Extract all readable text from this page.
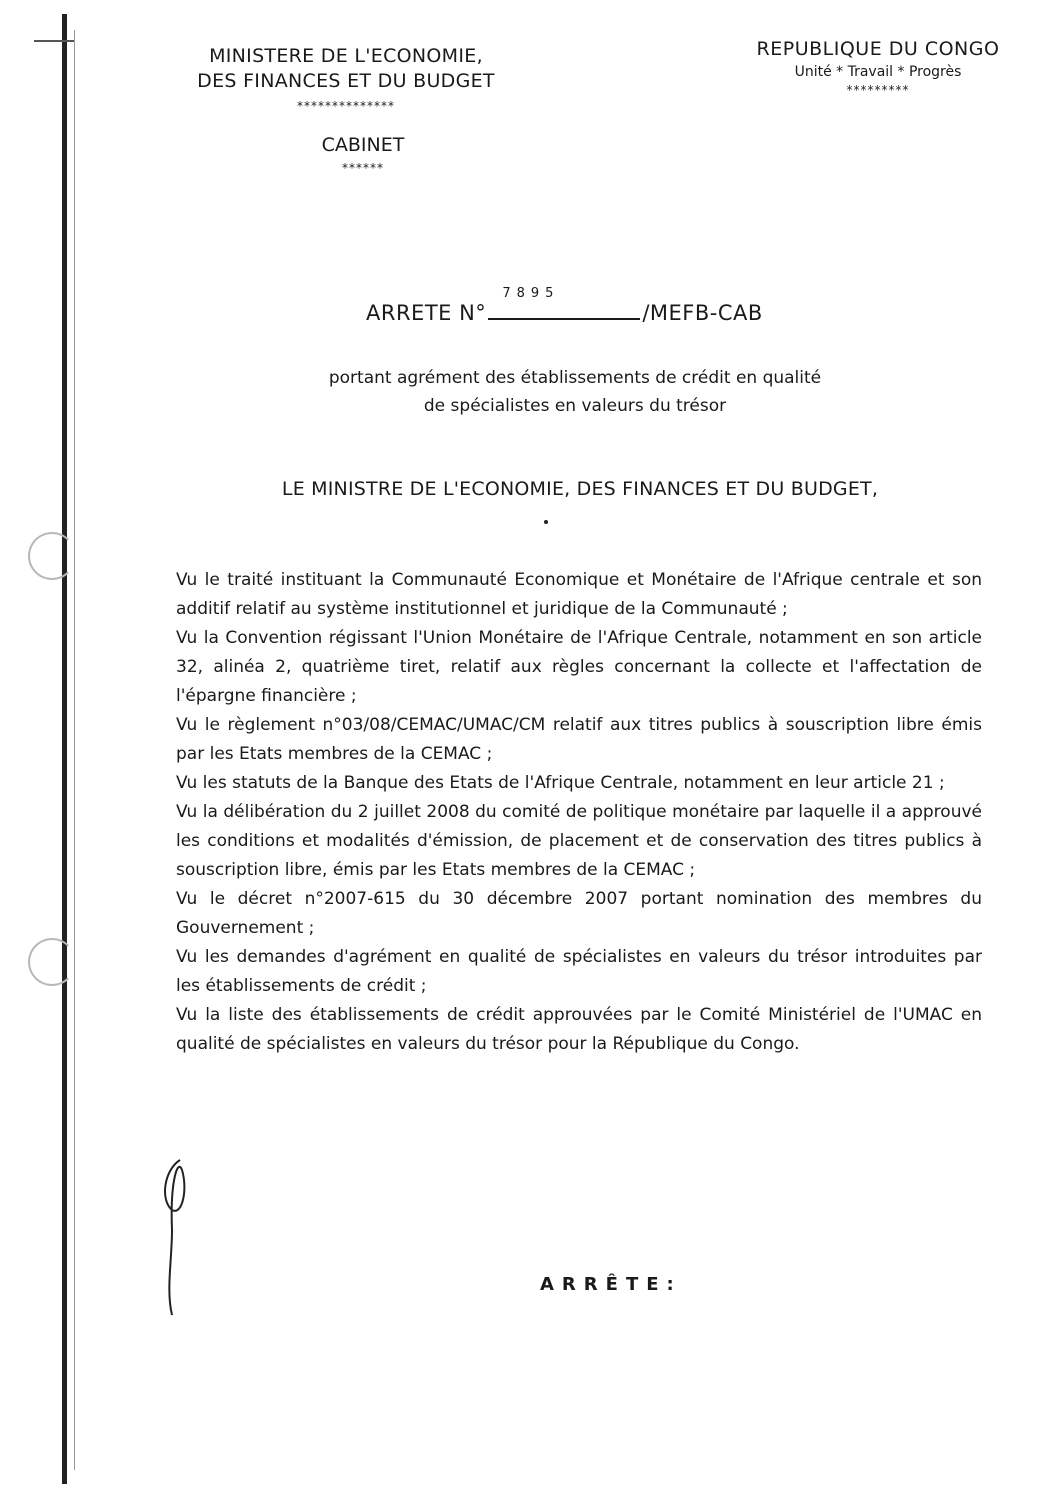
MINISTERE DE L'ECONOMIE,
DES FINANCES ET DU BUDGET
**************
CABINET
******
REPUBLIQUE DU CONGO
Unité * Travail * Progrès
*********
ARRETE N°
7895
/MEFB-CAB
portant agrément des établissements de crédit en qualité
de spécialistes en valeurs du trésor
LE MINISTRE DE L'ECONOMIE, DES FINANCES ET DU BUDGET,

Vu le traité instituant la Communauté Economique et Monétaire de l'Afrique centrale et son additif relatif au système institutionnel et juridique de la Communauté ;

Vu la Convention régissant l'Union Monétaire de l'Afrique Centrale, notamment en son article 32, alinéa 2, quatrième tiret, relatif aux règles concernant la collecte et l'affectation de l'épargne financière ;

Vu le règlement n°03/08/CEMAC/UMAC/CM relatif aux titres publics à souscription libre émis par les Etats membres de la CEMAC ;

Vu les statuts de la Banque des Etats de l'Afrique Centrale, notamment en leur article 21 ;

Vu la délibération du 2 juillet 2008 du comité de politique monétaire par laquelle il a approuvé les conditions et modalités d'émission, de placement et de conservation des titres publics à souscription libre, émis par les Etats membres de la CEMAC ;

Vu le décret n°2007-615 du 30 décembre 2007 portant nomination des membres du Gouvernement ;

Vu les demandes d'agrément en qualité de spécialistes en valeurs du trésor introduites par les établissements de crédit ;

Vu la liste des établissements de crédit approuvées par le Comité Ministériel de l'UMAC en qualité de spécialistes en valeurs du trésor pour la République du Congo.

ARRÊTE:
